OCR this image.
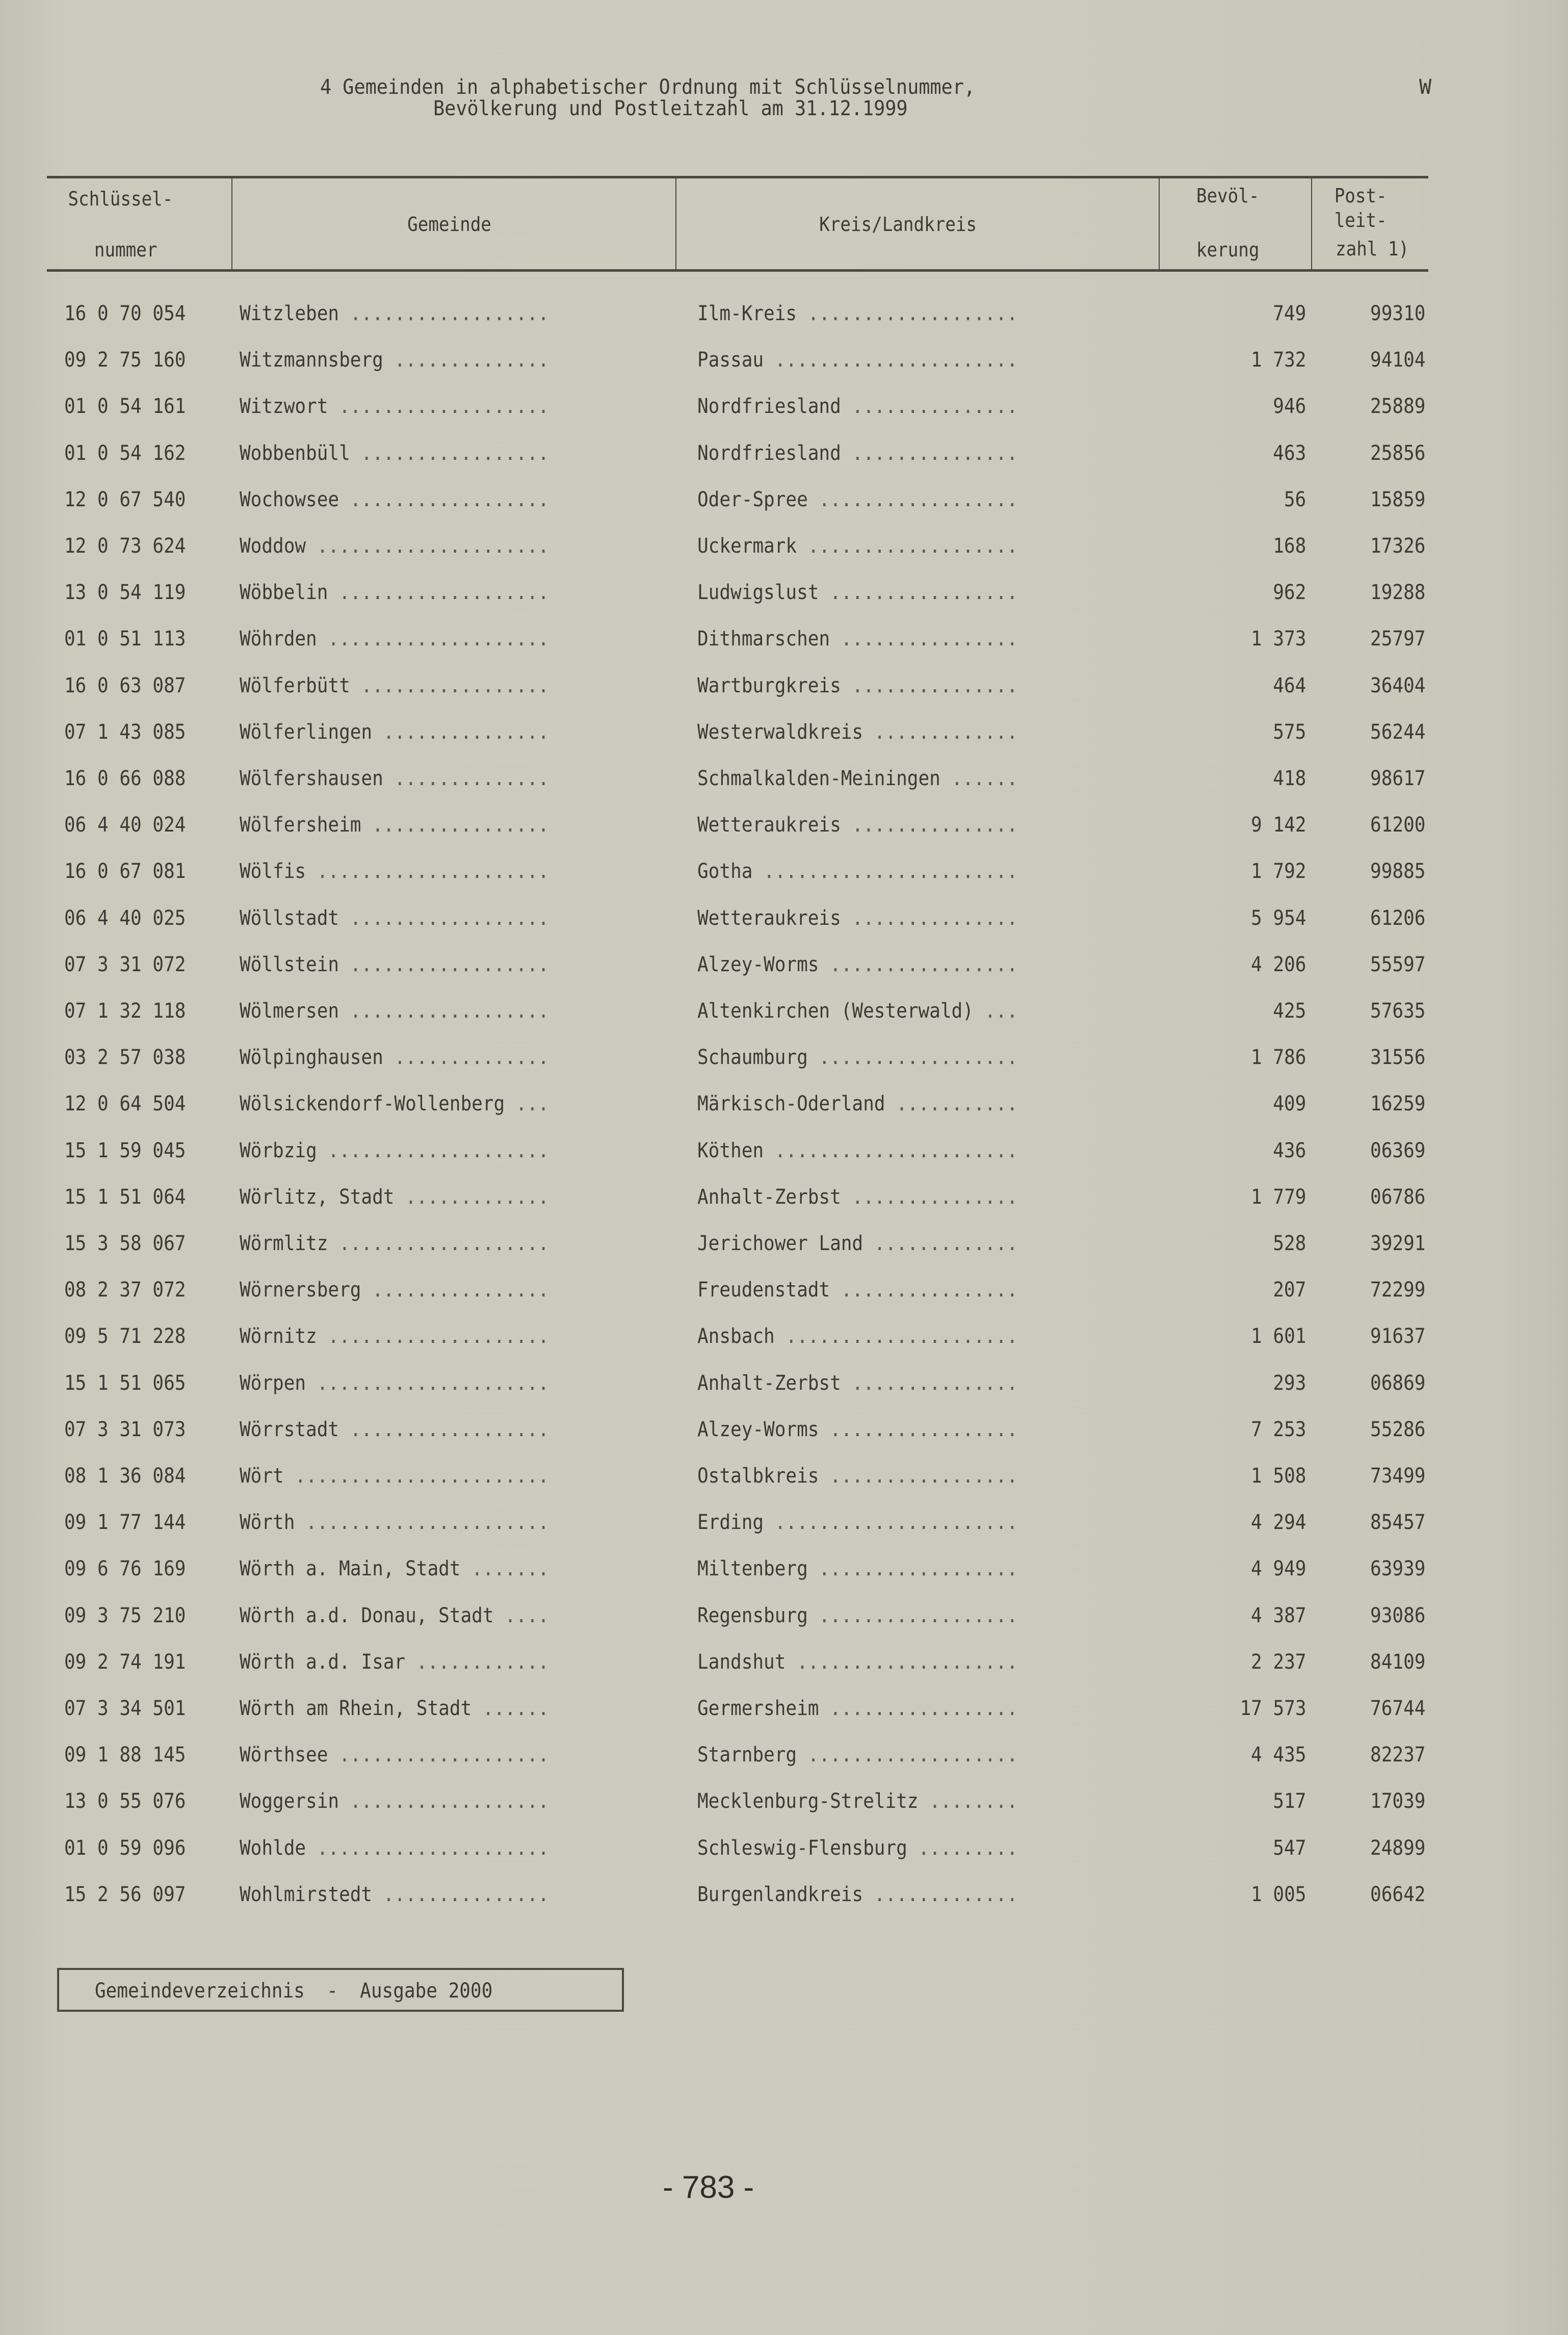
4 Gemeinden in alphabetischer Ordnung mit Schlüsselnummer,
Bevölkerung und Postleitzahl am 31.12.1999
W
Schlüssel-
nummer
Gemeinde	Kreis/Landkreis
Bevöl-
kerung
Post-
leit-
zahl 1)
16 0 70 054	Witzleben ..................	Ilm-Kreis ...................	749	99310
09 2 75 160	Witzmannsberg ..............	Passau ......................	1 732	94104
01 0 54 161	Witzwort ...................	Nordfriesland ...............	946	25889
01 0 54 162	Wobbenbüll .................	Nordfriesland ...............	463	25856
12 0 67 540	Wochowsee ..................	Oder-Spree ..................	56	15859
12 0 73 624	Woddow .....................	Uckermark ...................	168	17326
13 0 54 119	Wöbbelin ...................	Ludwigslust .................	962	19288
01 0 51 113	Wöhrden ....................	Dithmarschen ................	1 373	25797
16 0 63 087	Wölferbütt .................	Wartburgkreis ...............	464	36404
07 1 43 085	Wölferlingen ...............	Westerwaldkreis .............	575	56244
16 0 66 088	Wölfershausen ..............	Schmalkalden-Meiningen ......	418	98617
06 4 40 024	Wölfersheim ................	Wetteraukreis ...............	9 142	61200
16 0 67 081	Wölfis .....................	Gotha .......................	1 792	99885
06 4 40 025	Wöllstadt ..................	Wetteraukreis ...............	5 954	61206
07 3 31 072	Wöllstein ..................	Alzey-Worms .................	4 206	55597
07 1 32 118	Wölmersen ..................	Altenkirchen (Westerwald) ...	425	57635
03 2 57 038	Wölpinghausen ..............	Schaumburg ..................	1 786	31556
12 0 64 504	Wölsickendorf-Wollenberg ...	Märkisch-Oderland ...........	409	16259
15 1 59 045	Wörbzig ....................	Köthen ......................	436	06369
15 1 51 064	Wörlitz, Stadt .............	Anhalt-Zerbst ...............	1 779	06786
15 3 58 067	Wörmlitz ...................	Jerichower Land .............	528	39291
08 2 37 072	Wörnersberg ................	Freudenstadt ................	207	72299
09 5 71 228	Wörnitz ....................	Ansbach .....................	1 601	91637
15 1 51 065	Wörpen .....................	Anhalt-Zerbst ...............	293	06869
07 3 31 073	Wörrstadt ..................	Alzey-Worms .................	7 253	55286
08 1 36 084	Wört .......................	Ostalbkreis .................	1 508	73499
09 1 77 144	Wörth ......................	Erding ......................	4 294	85457
09 6 76 169	Wörth a. Main, Stadt .......	Miltenberg ..................	4 949	63939
09 3 75 210	Wörth a.d. Donau, Stadt ....	Regensburg ..................	4 387	93086
09 2 74 191	Wörth a.d. Isar ............	Landshut ....................	2 237	84109
07 3 34 501	Wörth am Rhein, Stadt ......	Germersheim .................	17 573	76744
09 1 88 145	Wörthsee ...................	Starnberg ...................	4 435	82237
13 0 55 076	Woggersin ..................	Mecklenburg-Strelitz ........	517	17039
01 0 59 096	Wohlde .....................	Schleswig-Flensburg .........	547	24899
15 2 56 097	Wohlmirstedt ...............	Burgenlandkreis .............	1 005	06642
Gemeindeverzeichnis  -  Ausgabe 2000
- 783 -
